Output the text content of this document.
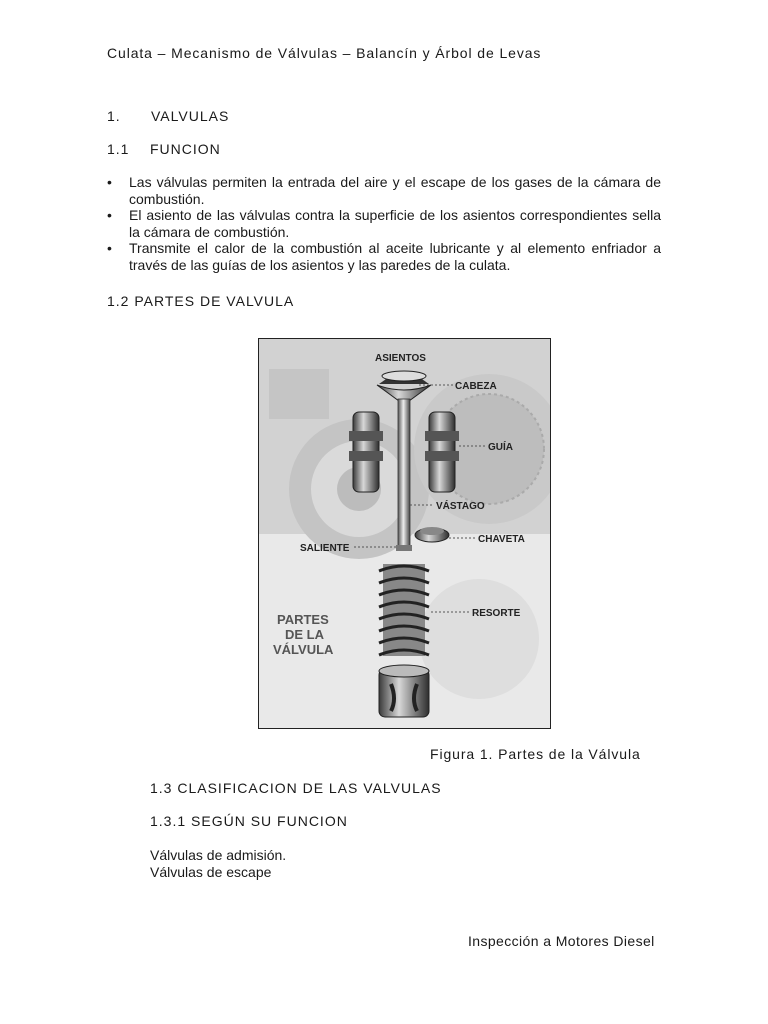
Culata – Mecanismo de Válvulas – Balancín y Árbol de Levas
1. VALVULAS
1.1 FUNCION
• Las válvulas permiten la entrada del aire y el escape de los gases de la cámara de combustión.
• El asiento de las válvulas contra la superficie de los asientos correspondientes sella la cámara de combustión.
• Transmite el calor de la combustión al aceite lubricante y al elemento enfriador a través de las guías de los asientos y las paredes de la culata.
1.2 PARTES DE VALVULA
ASIENTOS
CABEZA
GUÍA
VÁSTAGO
CHAVETA
SALIENTE
RESORTE
PARTES
DE LA
VÁLVULA
Figura 1. Partes de la Válvula
1.3 CLASIFICACION DE LAS VALVULAS
1.3.1 SEGÚN SU FUNCION
Válvulas de admisión.
Válvulas de escape
Inspección a Motores Diesel
